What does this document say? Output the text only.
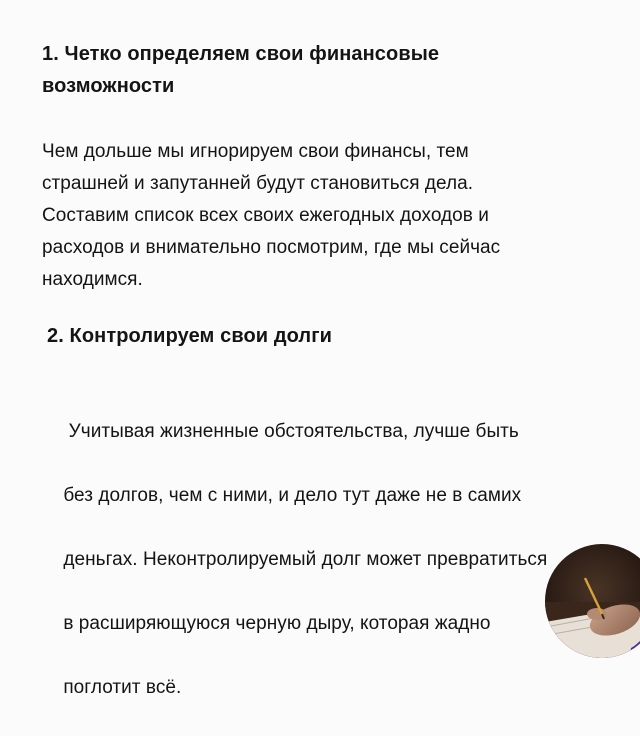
1. Четко определяем свои финансовые
возможности

Чем дольше мы игнорируем свои финансы, тем
страшней и запутанней будут становиться дела.
Составим список всех своих ежегодных доходов и
расходов и внимательно посмотрим, где мы сейчас
находимся.

2. Контролируем свои долги

Учитывая жизненные обстоятельства, лучше быть

без долгов, чем с ними, и дело тут даже не в самих

деньгах. Неконтролируемый долг может превратиться

в расширяющуюся черную дыру, которая жадно

поглотит всё.
